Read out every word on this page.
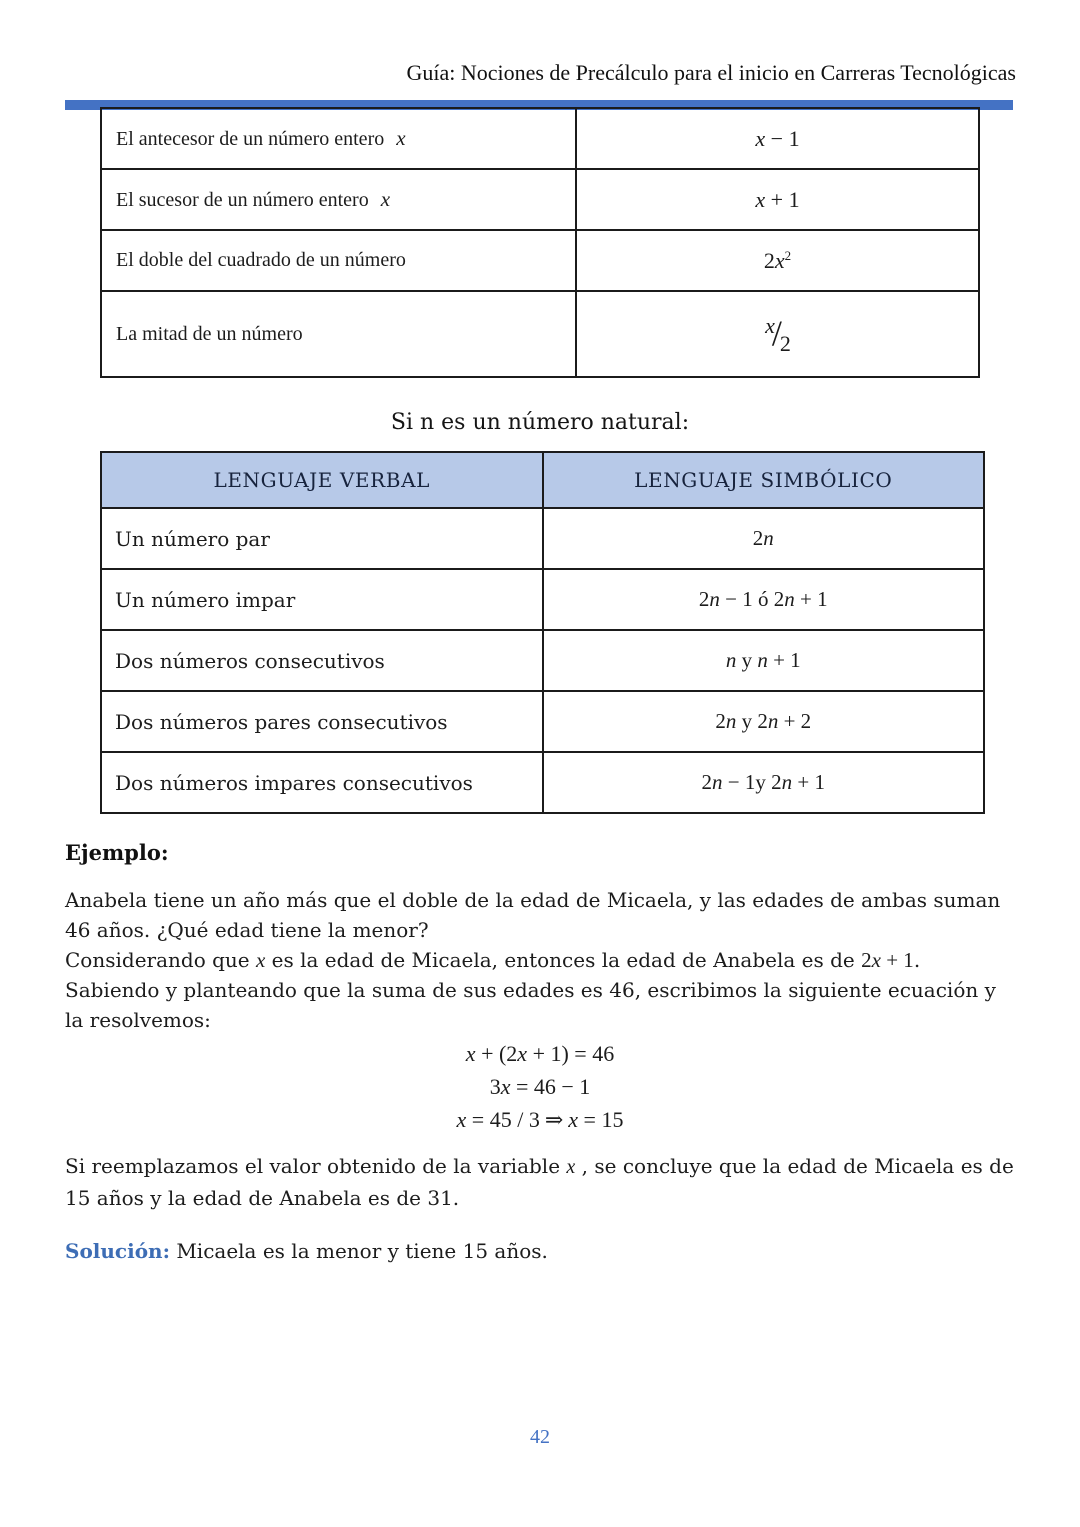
Guía: Nociones de Precálculo para el inicio en Carreras Tecnológicas
El antecesor de un número entero x	x − 1
El sucesor de un número entero x	x + 1
El doble del cuadrado de un número	$2x^2$
La mitad de un número	x/2
Si n es un número natural:
LENGUAJE VERBAL	LENGUAJE SIMBÓLICO
Un número par	2n
Un número impar	2n − 1 ó 2n + 1
Dos números consecutivos	n y n + 1
Dos números pares consecutivos	2n y 2n + 2
Dos números impares consecutivos	2n − 1y 2n + 1
Ejemplo:
Anabela tiene un año más que el doble de la edad de Micaela, y las edades de ambas suman 46 años. ¿Qué edad tiene la menor?
Considerando que x es la edad de Micaela, entonces la edad de Anabela es de 2x + 1.
Sabiendo y planteando que la suma de sus edades es 46, escribimos la siguiente ecuación y la resolvemos:
x + (2x + 1) = 46
3x = 46 − 1
x = 45 / 3 ⇒ x = 15
Si reemplazamos el valor obtenido de la variable x , se concluye que la edad de Micaela es de 15 años y la edad de Anabela es de 31.
Solución: Micaela es la menor y tiene 15 años.
42
